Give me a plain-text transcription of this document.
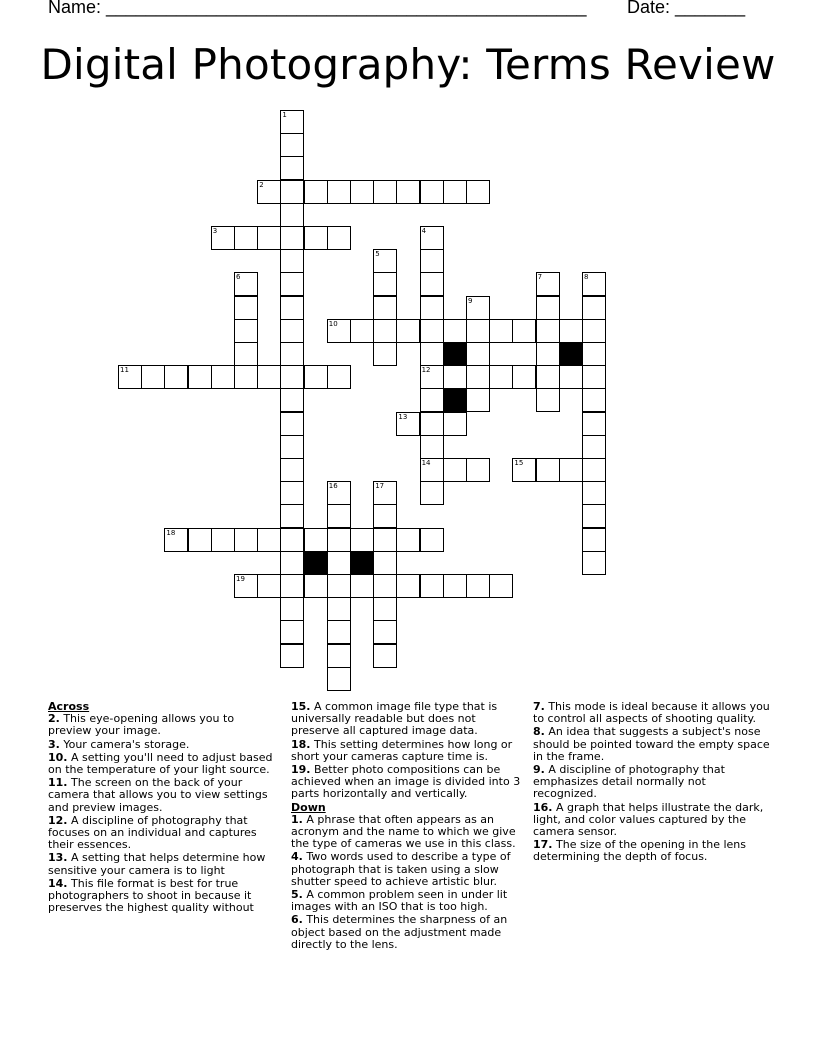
Name: ________________________________________________ Date: _______
Digital Photography: Terms Review
1
2
3	4
5
6	7	8
9
10
11	12
13
14	15
16	17
18
19
Across
2. This eye-opening allows you to preview your image.
3. Your camera's storage.
10. A setting you'll need to adjust based on the temperature of your light source.
11. The screen on the back of your camera that allows you to view settings and preview images.
12. A discipline of photography that focuses on an individual and captures their essences.
13. A setting that helps determine how sensitive your camera is to light
14. This file format is best for true photographers to shoot in because it preserves the highest quality without
15. A common image file type that is universally readable but does not preserve all captured image data.
18. This setting determines how long or short your cameras capture time is.
19. Better photo compositions can be achieved when an image is divided into 3 parts horizontally and vertically.
Down
1. A phrase that often appears as an acronym and the name to which we give the type of cameras we use in this class.
4. Two words used to describe a type of photograph that is taken using a slow shutter speed to achieve artistic blur.
5. A common problem seen in under lit images with an ISO that is too high.
6. This determines the sharpness of an object based on the adjustment made directly to the lens.
7. This mode is ideal because it allows you to control all aspects of shooting quality.
8. An idea that suggests a subject's nose should be pointed toward the empty space in the frame.
9. A discipline of photography that emphasizes detail normally not recognized.
16. A graph that helps illustrate the dark, light, and color values captured by the camera sensor.
17. The size of the opening in the lens determining the depth of focus.
